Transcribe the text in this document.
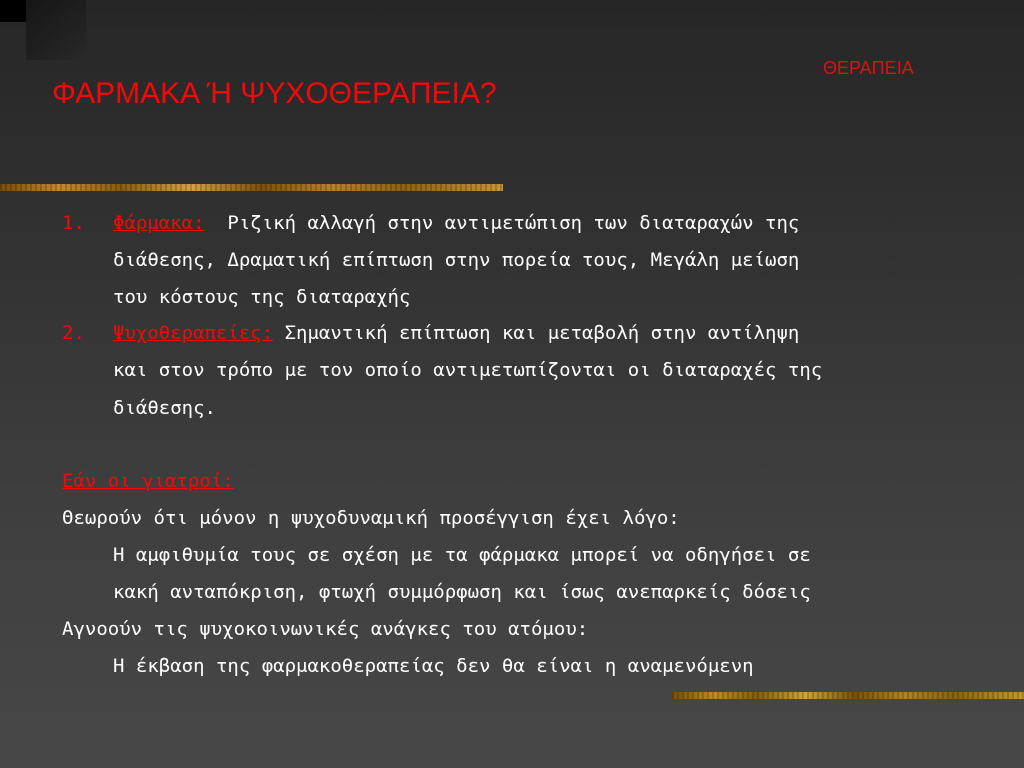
ΘΕΡΑΠΕΙΑ

ΦΑΡΜΑΚΑ Ή ΨΥΧΟΘΕΡΑΠΕΙΑ?
1. Φάρμακα: Ριζική αλλαγή στην αντιμετώπιση των διαταραχών της
διάθεσης, Δραματική επίπτωση στην πορεία τους, Μεγάλη μείωση
του κόστους της διαταραχής
2. Ψυχοθεραπείες: Σημαντική επίπτωση και μεταβολή στην αντίληψη
και στον τρόπο με τον οποίο αντιμετωπίζονται οι διαταραχές της
διάθεσης.
Εάν οι γιατροί:
Θεωρούν ότι μόνον η ψυχοδυναμική προσέγγιση έχει λόγο:
Η αμφιθυμία τους σε σχέση με τα φάρμακα μπορεί να οδηγήσει σε
κακή ανταπόκριση, φτωχή συμμόρφωση και ίσως ανεπαρκείς δόσεις
Αγνοούν τις ψυχοκοινωνικές ανάγκες του ατόμου:
Η έκβαση της φαρμακοθεραπείας δεν θα είναι η αναμενόμενη
